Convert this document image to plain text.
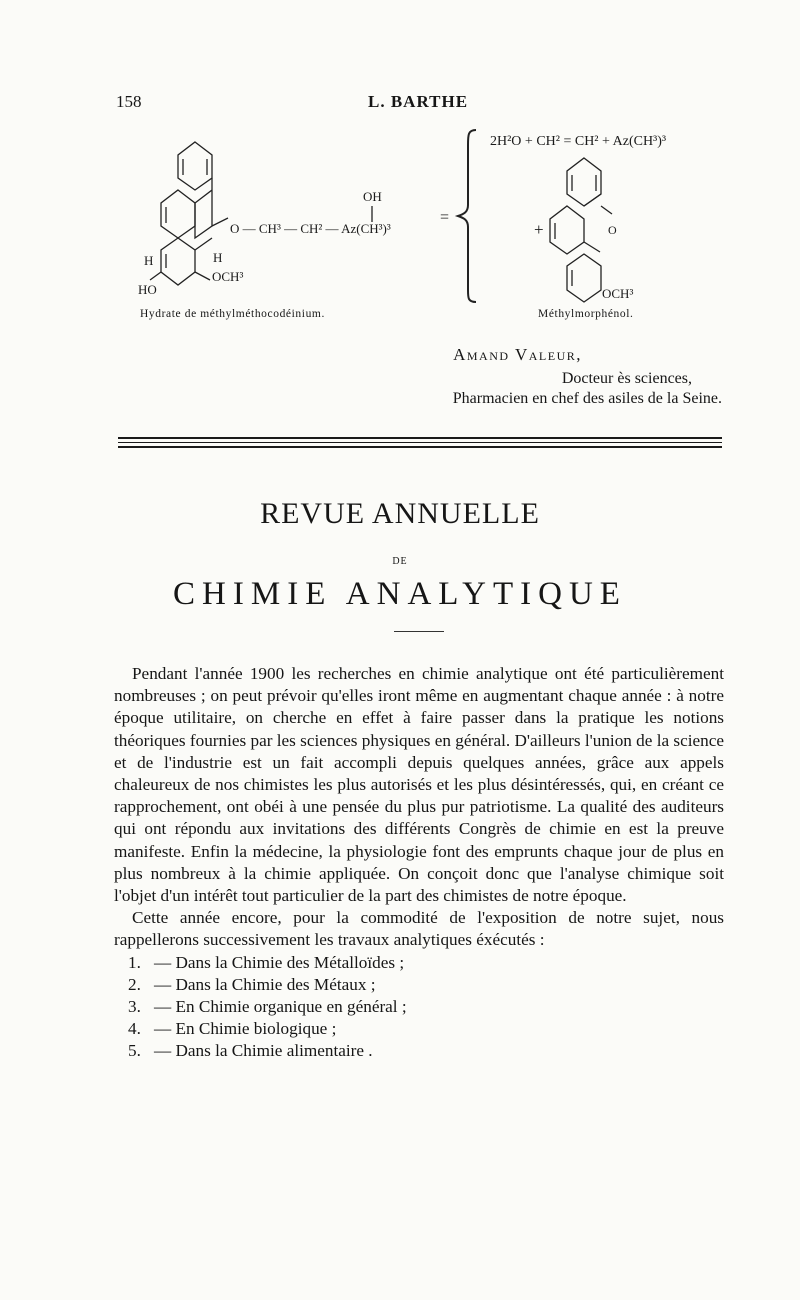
158	L. BARTHE
OH
O — CH³ — CH² — Az(CH³)³
H
HO
H
OCH³
=
2H²O + CH² = CH² + Az(CH³)³
+	O
OCH³
Hydrate de méthylméthocodéinium.	Méthylmorphénol.
Amand Valeur,
Docteur ès sciences,
Pharmacien en chef des asiles de la Seine.
REVUE ANNUELLE
DE
CHIMIE ANALYTIQUE

Pendant l'année 1900 les recherches en chimie analytique ont été particulièrement nombreuses ; on peut prévoir qu'elles iront même en augmentant chaque année : à notre époque utilitaire, on cherche en effet à faire passer dans la pratique les notions théoriques fournies par les sciences physiques en général. D'ailleurs l'union de la science et de l'industrie est un fait accompli depuis quelques années, grâce aux appels chaleureux de nos chimistes les plus autorisés et les plus désintéressés, qui, en créant ce rapprochement, ont obéi à une pensée du plus pur patriotisme. La qualité des auditeurs qui ont répondu aux invitations des différents Congrès de chimie en est la preuve manifeste. Enfin la médecine, la physiologie font des emprunts chaque jour de plus en plus nombreux à la chimie appliquée. On conçoit donc que l'analyse chimique soit l'objet d'un intérêt tout particulier de la part des chimistes de notre époque.

Cette année encore, pour la commodité de l'exposition de notre sujet, nous rappellerons successivement les travaux analytiques éxécutés :

1. — Dans la Chimie des Métalloïdes ;
2. — Dans la Chimie des Métaux ;
3. — En Chimie organique en général ;
4. — En Chimie biologique ;
5. — Dans la Chimie alimentaire .
